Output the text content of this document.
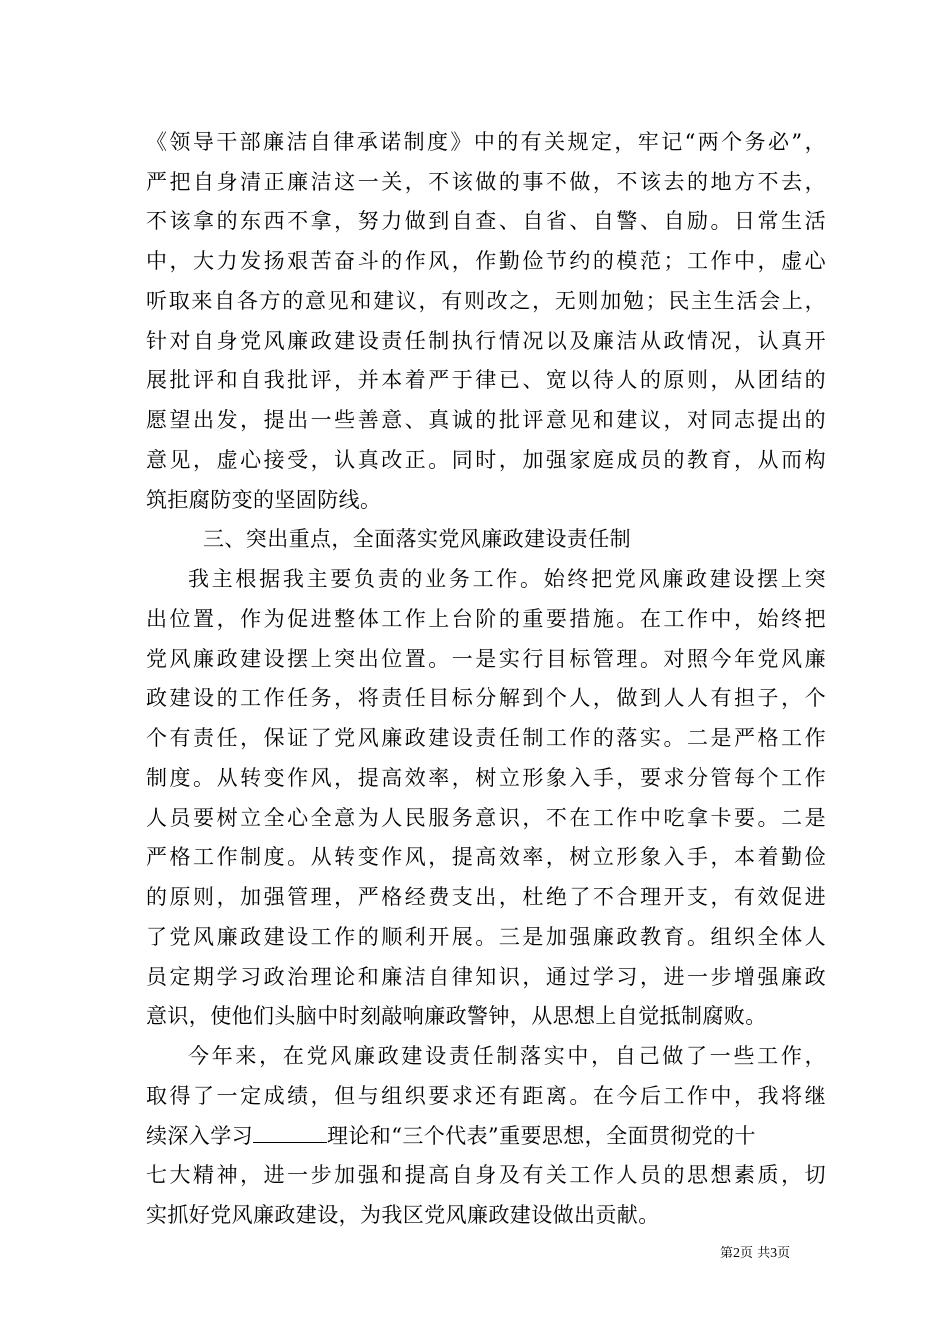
《领导干部廉洁自律承诺制度》中的有关规定，牢记“两个务必”，
严把自身清正廉洁这一关，不该做的事不做，不该去的地方不去，
不该拿的东西不拿，努力做到自查、自省、自警、自励。日常生活
中，大力发扬艰苦奋斗的作风，作勤俭节约的模范；工作中，虚心
听取来自各方的意见和建议，有则改之，无则加勉；民主生活会上，
针对自身党风廉政建设责任制执行情况以及廉洁从政情况，认真开
展批评和自我批评，并本着严于律已、宽以待人的原则，从团结的
愿望出发，提出一些善意、真诚的批评意见和建议，对同志提出的
意见，虚心接受，认真改正。同时，加强家庭成员的教育，从而构
筑拒腐防变的坚固防线。
三、突出重点，全面落实党风廉政建设责任制
我主根据我主要负责的业务工作。始终把党风廉政建设摆上突
出位置，作为促进整体工作上台阶的重要措施。在工作中，始终把
党风廉政建设摆上突出位置。一是实行目标管理。对照今年党风廉
政建设的工作任务，将责任目标分解到个人，做到人人有担子，个
个有责任，保证了党风廉政建设责任制工作的落实。二是严格工作
制度。从转变作风，提高效率，树立形象入手，要求分管每个工作
人员要树立全心全意为人民服务意识，不在工作中吃拿卡要。二是
严格工作制度。从转变作风，提高效率，树立形象入手，本着勤俭
的原则，加强管理，严格经费支出，杜绝了不合理开支，有效促进
了党风廉政建设工作的顺利开展。三是加强廉政教育。组织全体人
员定期学习政治理论和廉洁自律知识，通过学习，进一步增强廉政
意识，使他们头脑中时刻敲响廉政警钟，从思想上自觉抵制腐败。
今年来，在党风廉政建设责任制落实中，自己做了一些工作，
取得了一定成绩，但与组织要求还有距离。在今后工作中，我将继
续深入学习	理论和“三个代表”重要思想，全面贯彻党的十
第2页 共3页
七大精神，进一步加强和提高自身及有关工作人员的思想素质，切
实抓好党风廉政建设，为我区党风廉政建设做出贡献。
